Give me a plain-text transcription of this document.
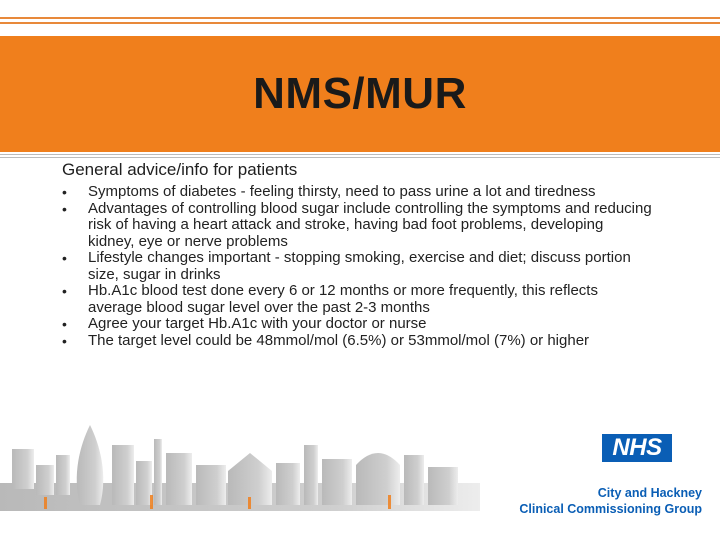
NMS/MUR
General advice/info for patients
• Symptoms of diabetes - feeling thirsty, need to pass urine a lot and tiredness
• Advantages of controlling blood sugar include controlling the symptoms and reducing risk of having a heart attack and stroke, having bad foot problems, developing kidney, eye or nerve problems
• Lifestyle changes important - stopping smoking, exercise and diet; discuss portion size, sugar in drinks
• Hb.A1c blood test done every 6 or 12 months or more frequently, this reflects average blood sugar level over the past 2-3 months
• Agree your target Hb.A1c with your doctor or nurse
• The target level could be 48mmol/mol (6.5%) or 53mmol/mol (7%) or higher
NHS
City and Hackney
Clinical Commissioning Group
